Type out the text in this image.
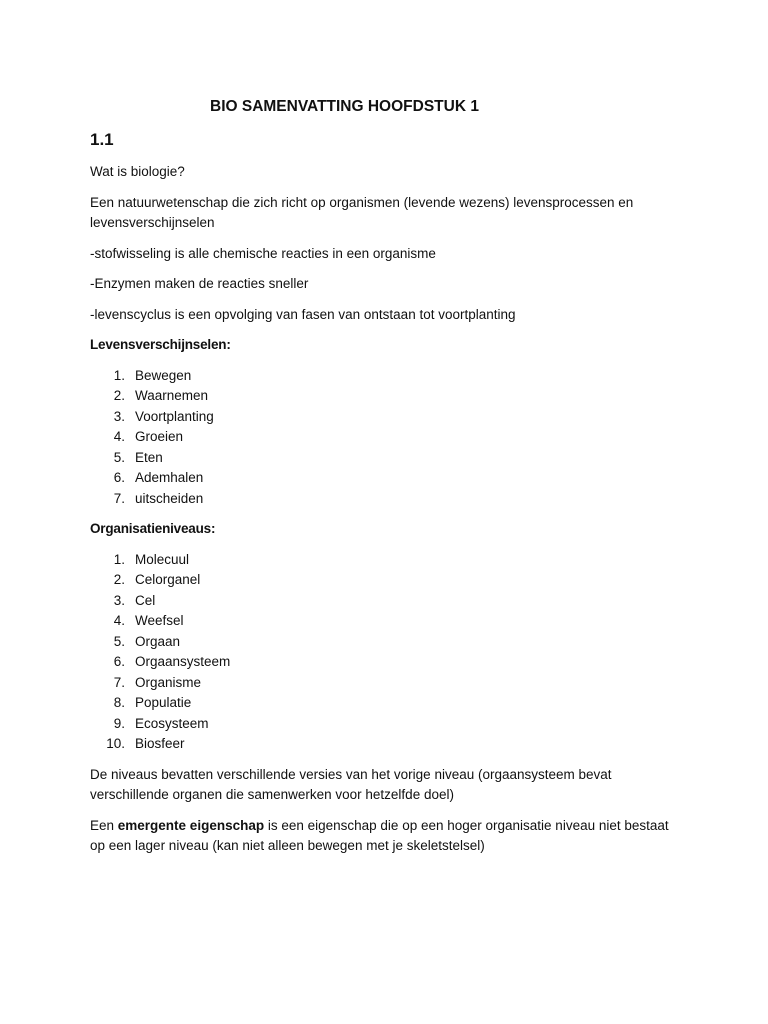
BIO SAMENVATTING HOOFDSTUK 1
1.1

Wat is biologie?

Een natuurwetenschap die zich richt op organismen (levende wezens) levensprocessen en levensverschijnselen

-stofwisseling is alle chemische reacties in een organisme

-Enzymen maken de reacties sneller

-levenscyclus is een opvolging van fasen van ontstaan tot voortplanting

Levensverschijnselen:
1. Bewegen
2. Waarnemen
3. Voortplanting
4. Groeien
5. Eten
6. Ademhalen
7. uitscheiden
Organisatieniveaus:
1. Molecuul
2. Celorganel
3. Cel
4. Weefsel
5. Orgaan
6. Orgaansysteem
7. Organisme
8. Populatie
9. Ecosysteem
10. Biosfeer

De niveaus bevatten verschillende versies van het vorige niveau (orgaansysteem bevat verschillende organen die samenwerken voor hetzelfde doel)

Een emergente eigenschap is een eigenschap die op een hoger organisatie niveau niet bestaat op een lager niveau (kan niet alleen bewegen met je skeletstelsel)
